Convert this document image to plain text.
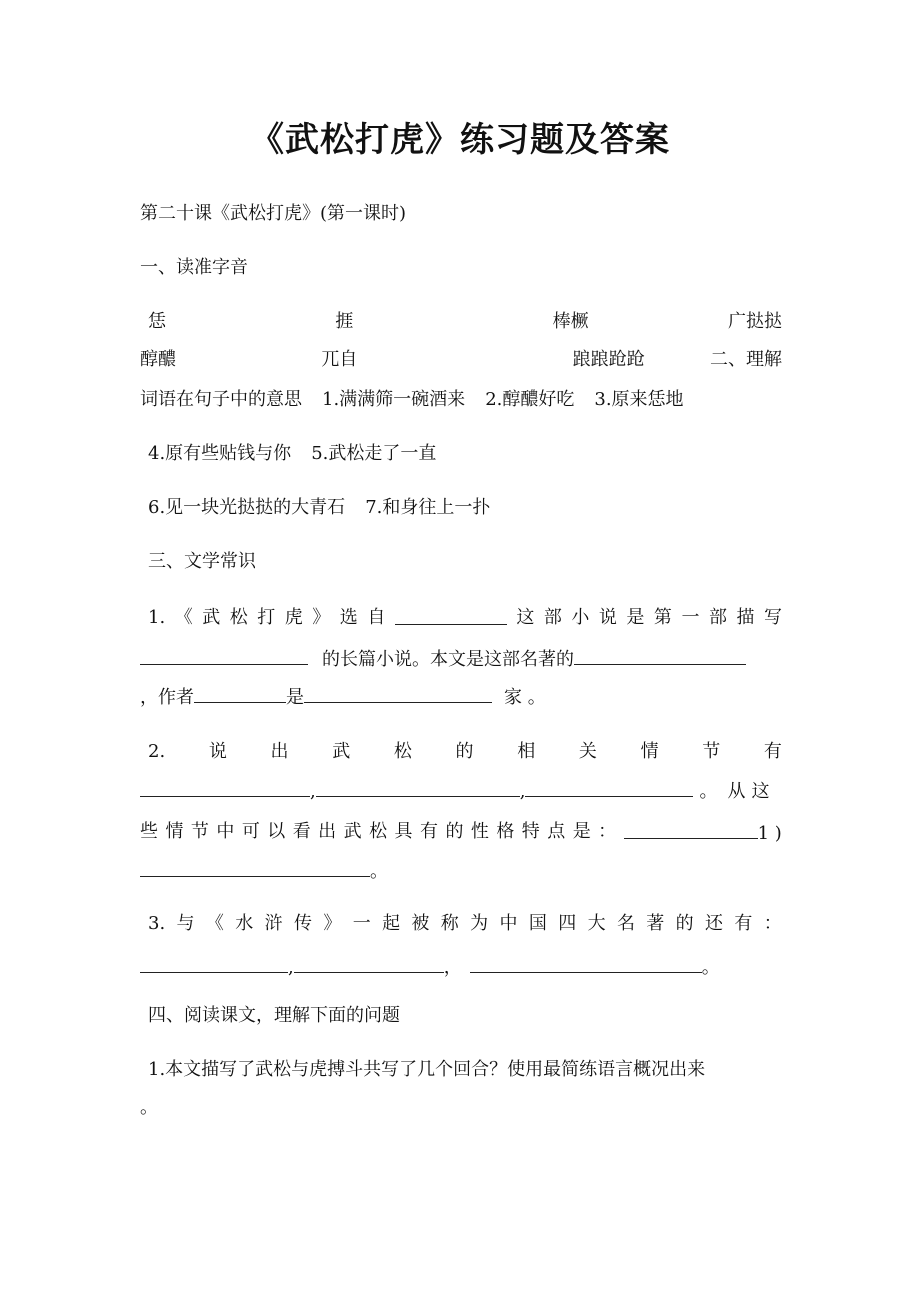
《武松打虎》练习题及答案
第二十课《武松打虎》(第一课时)
一、读准字音
恁	捱	棒橛	广挞挞
醇醲	兀自	踉踉跄跄	二、理解
词语在句子中的意思 1.满满筛一碗酒来 2.醇醲好吃 3.原来恁地
4.原有些贴钱与你 5.武松走了一直
6.见一块光挞挞的大青石 7.和身往上一扑
三、文学常识
1. 《 武 松 打 虎 》 选 自	这 部 小 说 是 第 一 部 描 写
的长篇小说。本文是这部名著的
，作者	是	家 。
2. 说 出 武 松 的 相 关 情 节 有
,	,	。 从 这
些 情 节 中 可 以 看 出 武 松 具 有 的 性 格 特 点 是 ：	1 )
。
3. 与 《 水 浒 传 》 一 起 被 称 为 中 国 四 大 名 著 的 还 有 ：
,	，	。
四、阅读课文，理解下面的问题
1.本文描写了武松与虎搏斗共写了几个回合？使用最简练语言概况出来
。
